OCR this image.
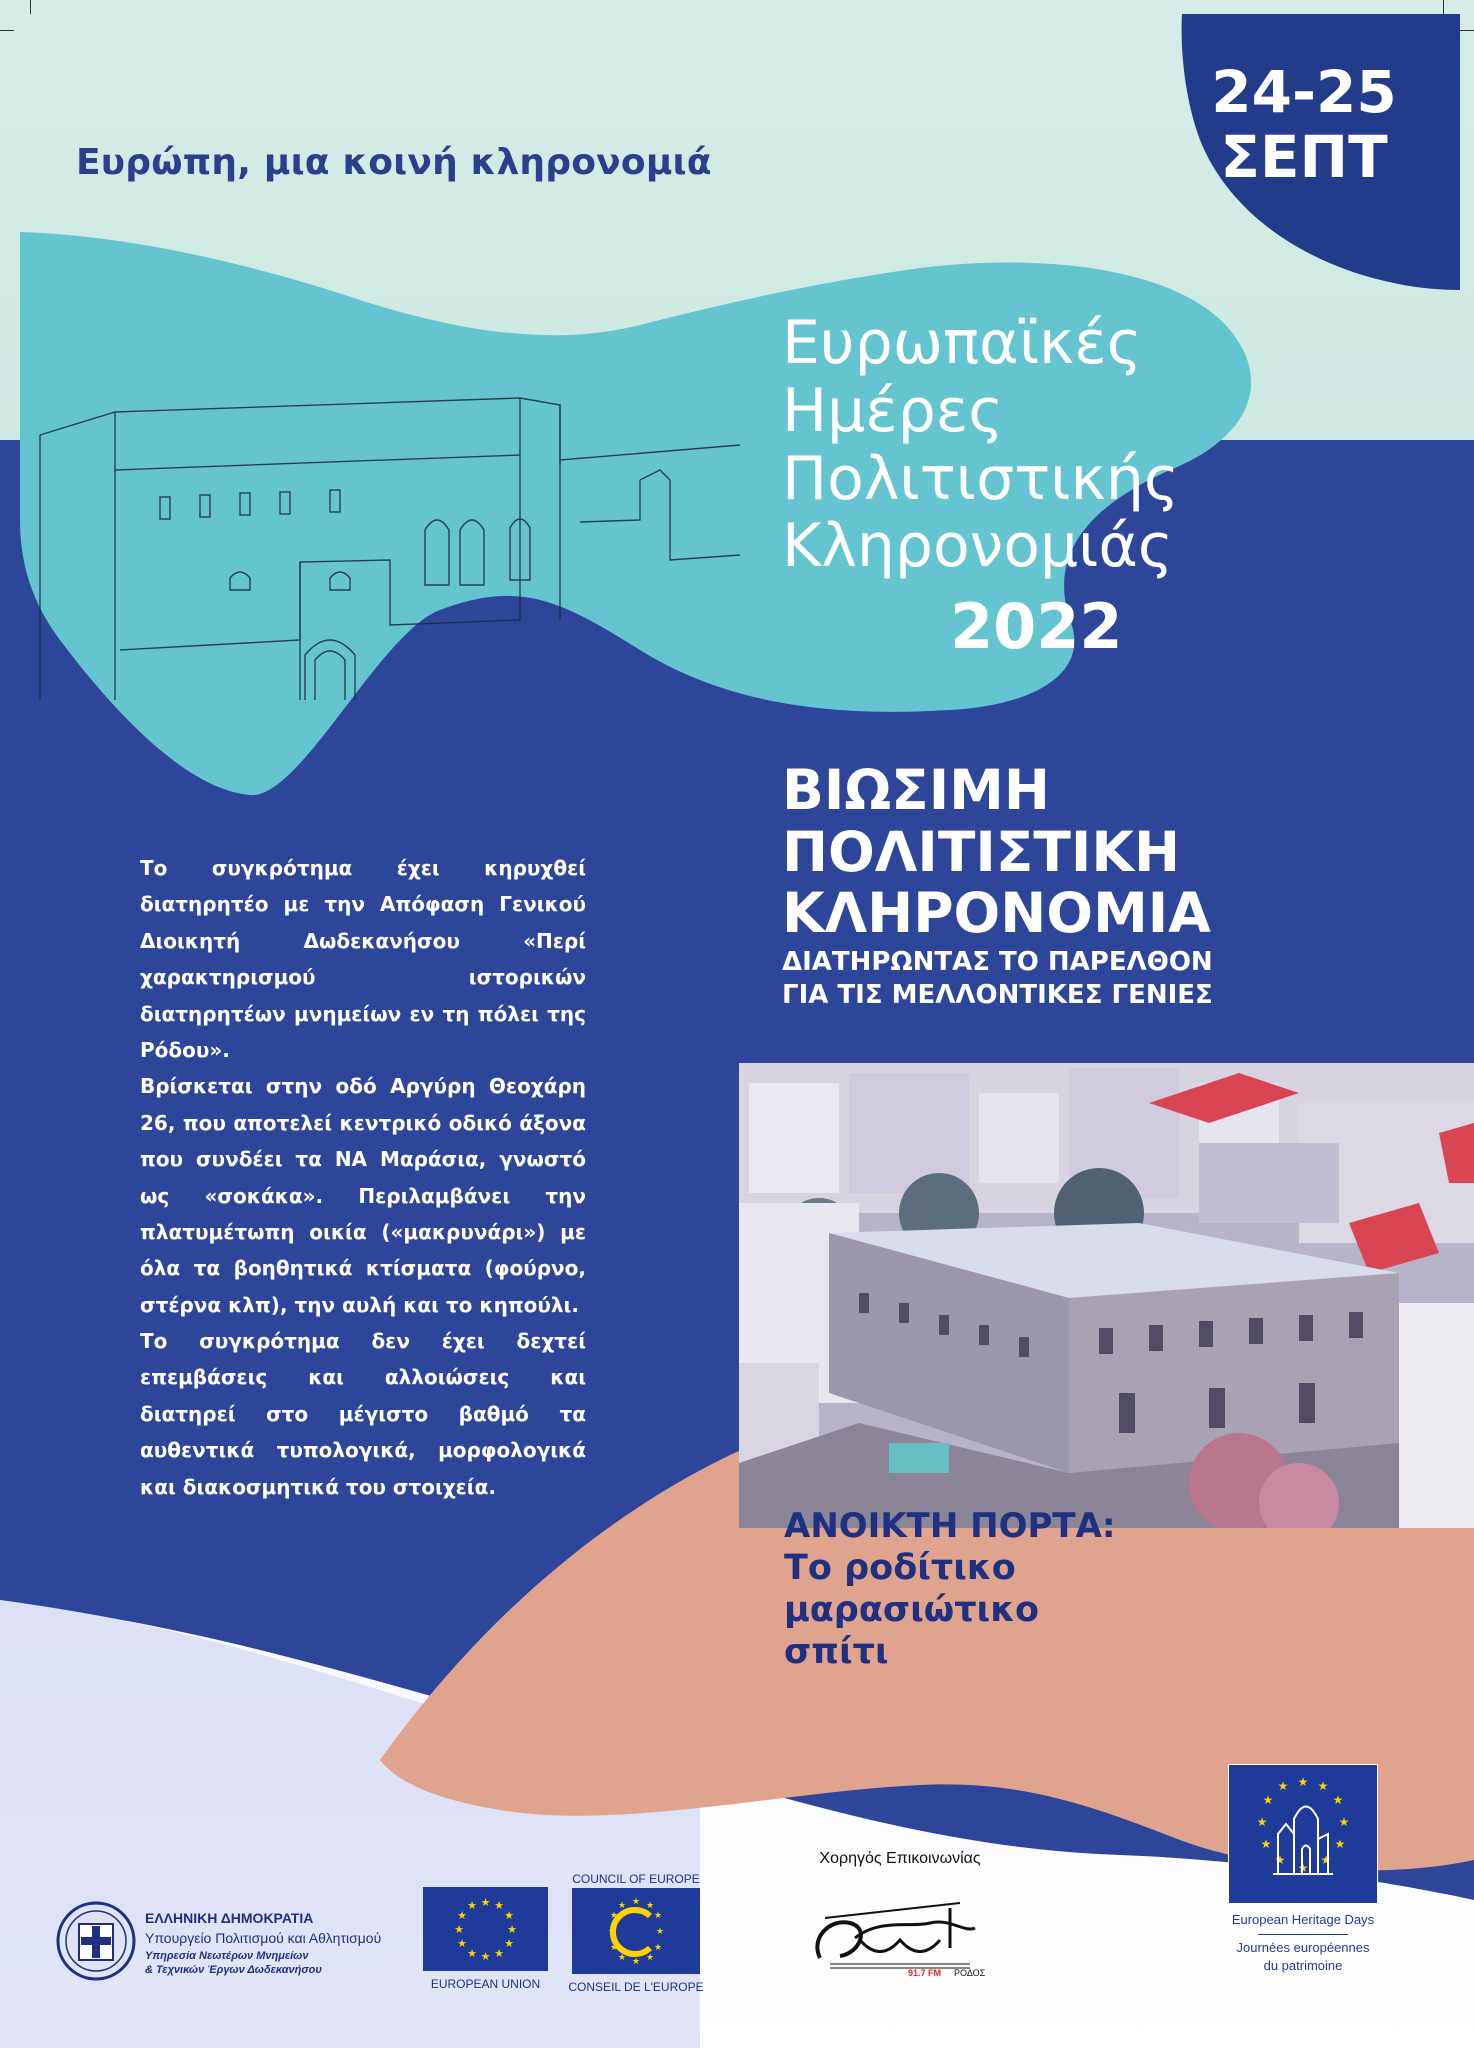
Ευρώπη, μια κοινή κληρονομιά
24-25
ΣΕΠΤ
Ευρωπαϊκές
Ημέρες
Πολιτιστικής
Κληρονομιάς
2022
ΒΙΩΣΙΜΗ
ΠΟΛΙΤΙΣΤΙΚΗ
ΚΛΗΡΟΝΟΜΙΑ
ΔΙΑΤΗΡΩΝΤΑΣ ΤΟ ΠΑΡΕΛΘΟΝ
ΓΙΑ ΤΙΣ ΜΕΛΛΟΝΤΙΚΕΣ ΓΕΝΙΕΣ

Το συγκρότημα έχει κηρυχθεί διατηρητέο με την Απόφαση Γενικού Διοικητή Δωδεκανήσου «Περί χαρακτηρισμού ιστορικών διατηρητέων μνημείων εν τη πόλει της Ρόδου».

Βρίσκεται στην οδό Αργύρη Θεοχάρη 26, που αποτελεί κεντρικό οδικό άξονα που συνδέει τα ΝΑ Μαράσια, γνωστό ως «σοκάκα». Περιλαμβάνει την πλατυμέτωπη οικία («μακρυνάρι») με όλα τα βοηθητικά κτίσματα (φούρνο, στέρνα κλπ), την αυλή και το κηπούλι.

Το συγκρότημα δεν έχει δεχτεί επεμβάσεις και αλλοιώσεις και διατηρεί στο μέγιστο βαθμό τα αυθεντικά τυπολογικά, μορφολογικά και διακοσμητικά του στοιχεία.

ΑΝΟΙΚΤΗ ΠΟΡΤΑ:
Το ροδίτικο
μαρασιώτικο
σπίτι
ΕΛΛΗΝΙΚΗ ΔΗΜΟΚΡΑΤΙΑ
Υπουργείο Πολιτισμού και Αθλητισμού
Υπηρεσία Νεωτέρων Μνημείων
& Τεχνικών Έργων Δωδεκανήσου
★ ★
★
★
★
★
★
★
★
★
★
★
EUROPEAN UNION
COUNCIL OF EUROPE
★ ★
★
★
★
★
★
★
★
★
★
★
CONSEIL DE L'EUROPE
Χορηγός Επικοινωνίας
91.7 FM ΡΟΔΟΣ
★ ★
★
★
★
★
★
★
★
★
★
★
European Heritage Days
Journées européennes
du patrimoine
